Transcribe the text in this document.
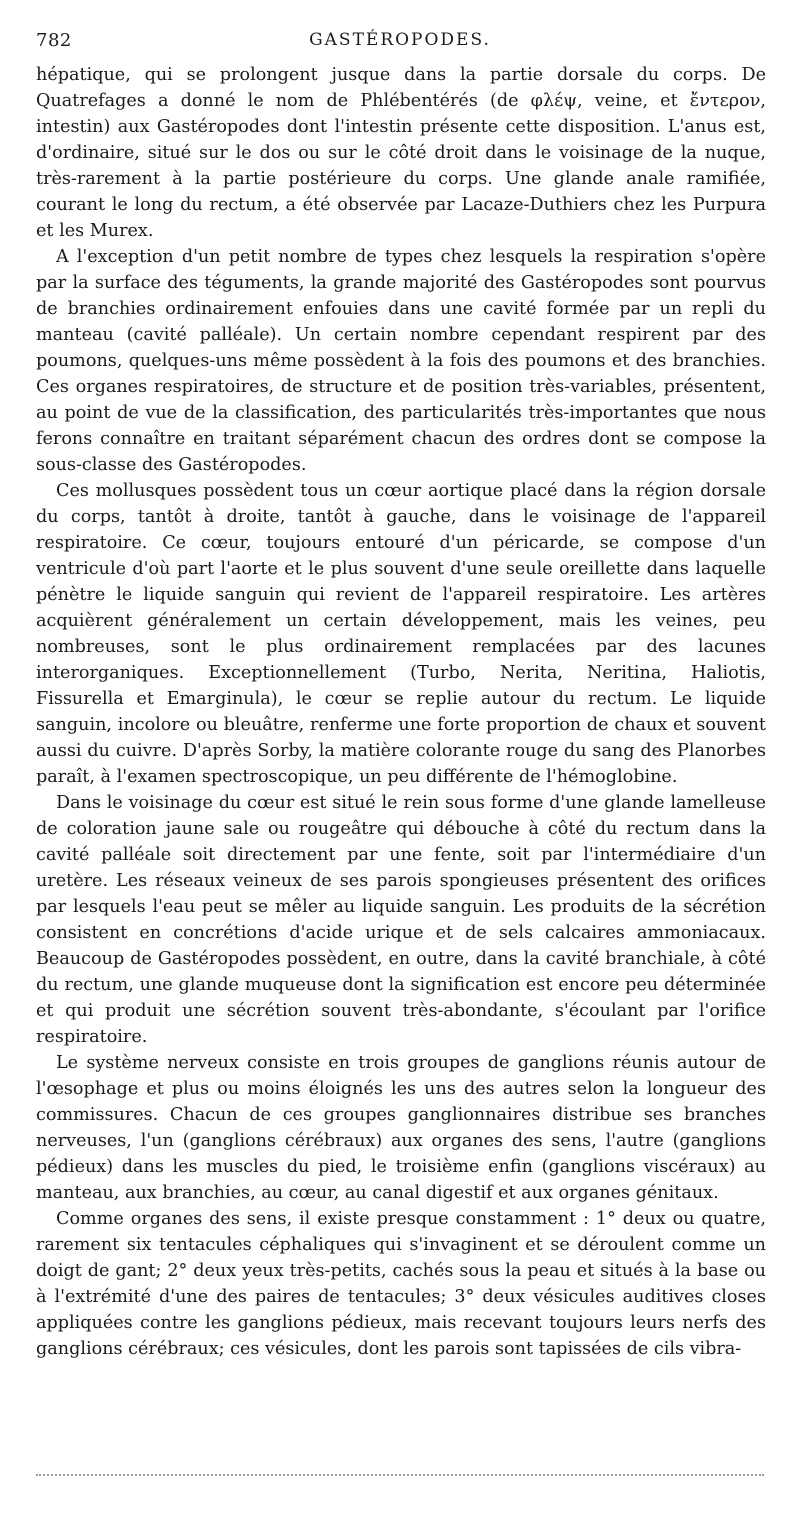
782	GASTÉROPODES.

hépatique, qui se prolongent jusque dans la partie dorsale du corps. De Quatrefages a donné le nom de Phlébentérés (de φλέψ, veine, et ἔντερον, intestin) aux Gastéropodes dont l'intestin présente cette disposition. L'anus est, d'ordinaire, situé sur le dos ou sur le côté droit dans le voisinage de la nuque, très-rarement à la partie postérieure du corps. Une glande anale ramifiée, courant le long du rectum, a été observée par Lacaze-Duthiers chez les Purpura et les Murex.

A l'exception d'un petit nombre de types chez lesquels la respiration s'opère par la surface des téguments, la grande majorité des Gastéropodes sont pourvus de branchies ordinairement enfouies dans une cavité formée par un repli du manteau (cavité palléale). Un certain nombre cependant respirent par des poumons, quelques-uns même possèdent à la fois des poumons et des branchies. Ces organes respiratoires, de structure et de position très-variables, présentent, au point de vue de la classification, des particularités très-importantes que nous ferons connaître en traitant séparément chacun des ordres dont se compose la sous-classe des Gastéropodes.

Ces mollusques possèdent tous un cœur aortique placé dans la région dorsale du corps, tantôt à droite, tantôt à gauche, dans le voisinage de l'appareil respiratoire. Ce cœur, toujours entouré d'un péricarde, se compose d'un ventricule d'où part l'aorte et le plus souvent d'une seule oreillette dans laquelle pénètre le liquide sanguin qui revient de l'appareil respiratoire. Les artères acquièrent généralement un certain développement, mais les veines, peu nombreuses, sont le plus ordinairement remplacées par des lacunes interorganiques. Exceptionnellement (Turbo, Nerita, Neritina, Haliotis, Fissurella et Emarginula), le cœur se replie autour du rectum. Le liquide sanguin, incolore ou bleuâtre, renferme une forte proportion de chaux et souvent aussi du cuivre. D'après Sorby, la matière colorante rouge du sang des Planorbes paraît, à l'examen spectroscopique, un peu différente de l'hémoglobine.

Dans le voisinage du cœur est situé le rein sous forme d'une glande lamelleuse de coloration jaune sale ou rougeâtre qui débouche à côté du rectum dans la cavité palléale soit directement par une fente, soit par l'intermédiaire d'un uretère. Les réseaux veineux de ses parois spongieuses présentent des orifices par lesquels l'eau peut se mêler au liquide sanguin. Les produits de la sécrétion consistent en concrétions d'acide urique et de sels calcaires ammoniacaux. Beaucoup de Gastéropodes possèdent, en outre, dans la cavité branchiale, à côté du rectum, une glande muqueuse dont la signification est encore peu déterminée et qui produit une sécrétion souvent très-abondante, s'écoulant par l'orifice respiratoire.

Le système nerveux consiste en trois groupes de ganglions réunis autour de l'œsophage et plus ou moins éloignés les uns des autres selon la longueur des commissures. Chacun de ces groupes ganglionnaires distribue ses branches nerveuses, l'un (ganglions cérébraux) aux organes des sens, l'autre (ganglions pédieux) dans les muscles du pied, le troisième enfin (ganglions viscéraux) au manteau, aux branchies, au cœur, au canal digestif et aux organes génitaux.

Comme organes des sens, il existe presque constamment : 1° deux ou quatre, rarement six tentacules céphaliques qui s'invaginent et se déroulent comme un doigt de gant; 2° deux yeux très-petits, cachés sous la peau et situés à la base ou à l'extrémité d'une des paires de tentacules; 3° deux vésicules auditives closes appliquées contre les ganglions pédieux, mais recevant toujours leurs nerfs des ganglions cérébraux; ces vésicules, dont les parois sont tapissées de cils vibra-
